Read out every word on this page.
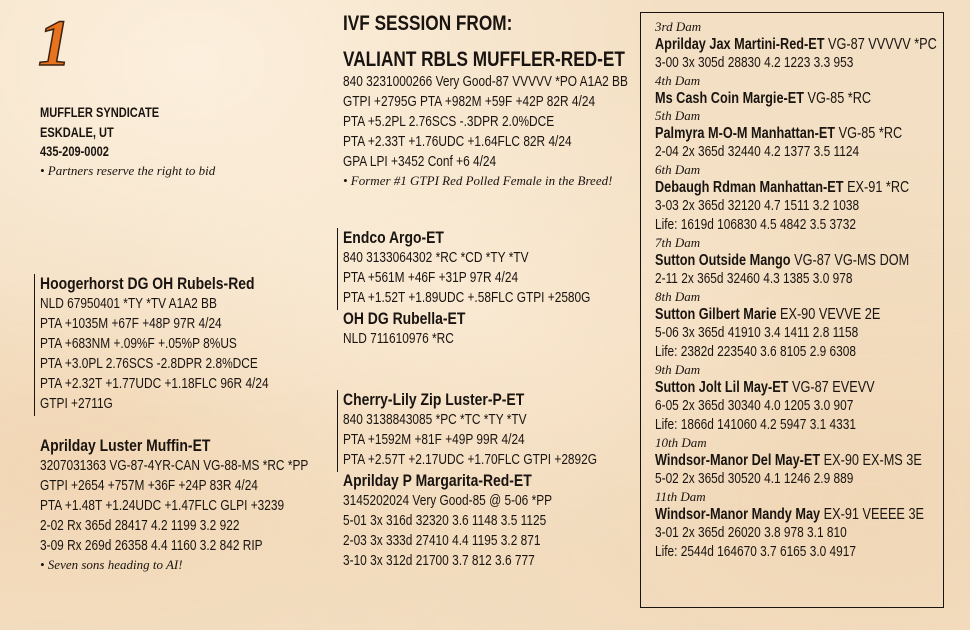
1
MUFFLER SYNDICATE
ESKDALE, UT
435-209-0002
• Partners reserve the right to bid
IVF SESSION FROM:
VALIANT RBLS MUFFLER-RED-ET
840 3231000266 Very Good-87 VVVVV *PO A1A2 BB
GTPI +2795G PTA +982M +59F +42P 82R 4/24
PTA +5.2PL 2.76SCS -.3DPR 2.0%DCE
PTA +2.33T +1.76UDC +1.64FLC 82R 4/24
GPA LPI +3452 Conf +6 4/24
• Former #1 GTPI Red Polled Female in the Breed!
Endco Argo-ET
840 3133064302 *RC *CD *TY *TV
PTA +561M +46F +31P 97R 4/24
PTA +1.52T +1.89UDC +.58FLC GTPI +2580G
OH DG Rubella-ET
NLD 711610976 *RC
Cherry-Lily Zip Luster-P-ET
840 3138843085 *PC *TC *TY *TV
PTA +1592M +81F +49P 99R 4/24
PTA +2.57T +2.17UDC +1.70FLC GTPI +2892G
Aprilday P Margarita-Red-ET
3145202024 Very Good-85 @ 5-06 *PP
5-01 3x 316d 32320 3.6 1148 3.5 1125
2-03 3x 333d 27410 4.4 1195 3.2 871
3-10 3x 312d 21700 3.7 812 3.6 777
Hoogerhorst DG OH Rubels-Red
NLD 67950401 *TY *TV A1A2 BB
PTA +1035M +67F +48P 97R 4/24
PTA +683NM +.09%F +.05%P 8%US
PTA +3.0PL 2.76SCS -2.8DPR 2.8%DCE
PTA +2.32T +1.77UDC +1.18FLC 96R 4/24
GTPI +2711G
Aprilday Luster Muffin-ET
3207031363 VG-87-4YR-CAN VG-88-MS *RC *PP
GTPI +2654 +757M +36F +24P 83R 4/24
PTA +1.48T +1.24UDC +1.47FLC GLPI +3239
2-02 Rx 365d 28417 4.2 1199 3.2 922
3-09 Rx 269d 26358 4.4 1160 3.2 842 RIP
• Seven sons heading to AI!
3rd Dam
Aprilday Jax Martini-Red-ET VG-87 VVVVV *PC
3-00 3x 305d 28830 4.2 1223 3.3 953
4th Dam
Ms Cash Coin Margie-ET VG-85 *RC
5th Dam
Palmyra M-O-M Manhattan-ET VG-85 *RC
2-04 2x 365d 32440 4.2 1377 3.5 1124
6th Dam
Debaugh Rdman Manhattan-ET EX-91 *RC
3-03 2x 365d 32120 4.7 1511 3.2 1038
Life: 1619d 106830 4.5 4842 3.5 3732
7th Dam
Sutton Outside Mango VG-87 VG-MS DOM
2-11 2x 365d 32460 4.3 1385 3.0 978
8th Dam
Sutton Gilbert Marie EX-90 VEVVE 2E
5-06 3x 365d 41910 3.4 1411 2.8 1158
Life: 2382d 223540 3.6 8105 2.9 6308
9th Dam
Sutton Jolt Lil May-ET VG-87 EVEVV
6-05 2x 365d 30340 4.0 1205 3.0 907
Life: 1866d 141060 4.2 5947 3.1 4331
10th Dam
Windsor-Manor Del May-ET EX-90 EX-MS 3E
5-02 2x 365d 30520 4.1 1246 2.9 889
11th Dam
Windsor-Manor Mandy May EX-91 VEEEE 3E
3-01 2x 365d 26020 3.8 978 3.1 810
Life: 2544d 164670 3.7 6165 3.0 4917
